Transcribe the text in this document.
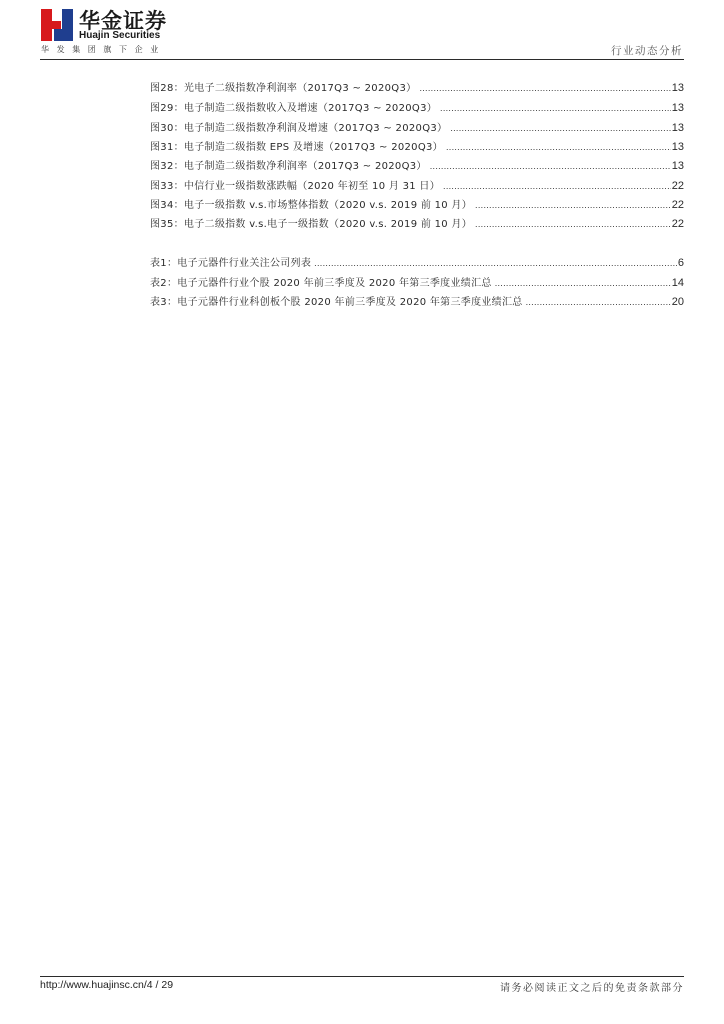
华金证券
Huajin Securities
华发集团旗下企业	行业动态分析
图28：光电子二级指数净利润率（2017Q3 ~ 2020Q3） .....	13
图29：电子制造二级指数收入及增速（2017Q3 ~ 2020Q3） .....	13
图30：电子制造二级指数净利润及增速（2017Q3 ~ 2020Q3） .....	13
图31：电子制造二级指数 EPS 及增速（2017Q3 ~ 2020Q3） .....	13
图32：电子制造二级指数净利润率（2017Q3 ~ 2020Q3） .....	13
图33：中信行业一级指数涨跌幅（2020 年初至 10 月 31 日） .....	22
图34：电子一级指数 v.s.市场整体指数（2020 v.s. 2019 前 10 月） .....	22
图35：电子二级指数 v.s.电子一级指数（2020 v.s. 2019 前 10 月） .....	22
表1：电子元器件行业关注公司列表 .....	6
表2：电子元器件行业个股 2020 年前三季度及 2020 年第三季度业绩汇总 .....	14
表3：电子元器件行业科创板个股 2020 年前三季度及 2020 年第三季度业绩汇总 .....	20
http://www.huajinsc.cn/4 / 29	请务必阅读正文之后的免责条款部分
